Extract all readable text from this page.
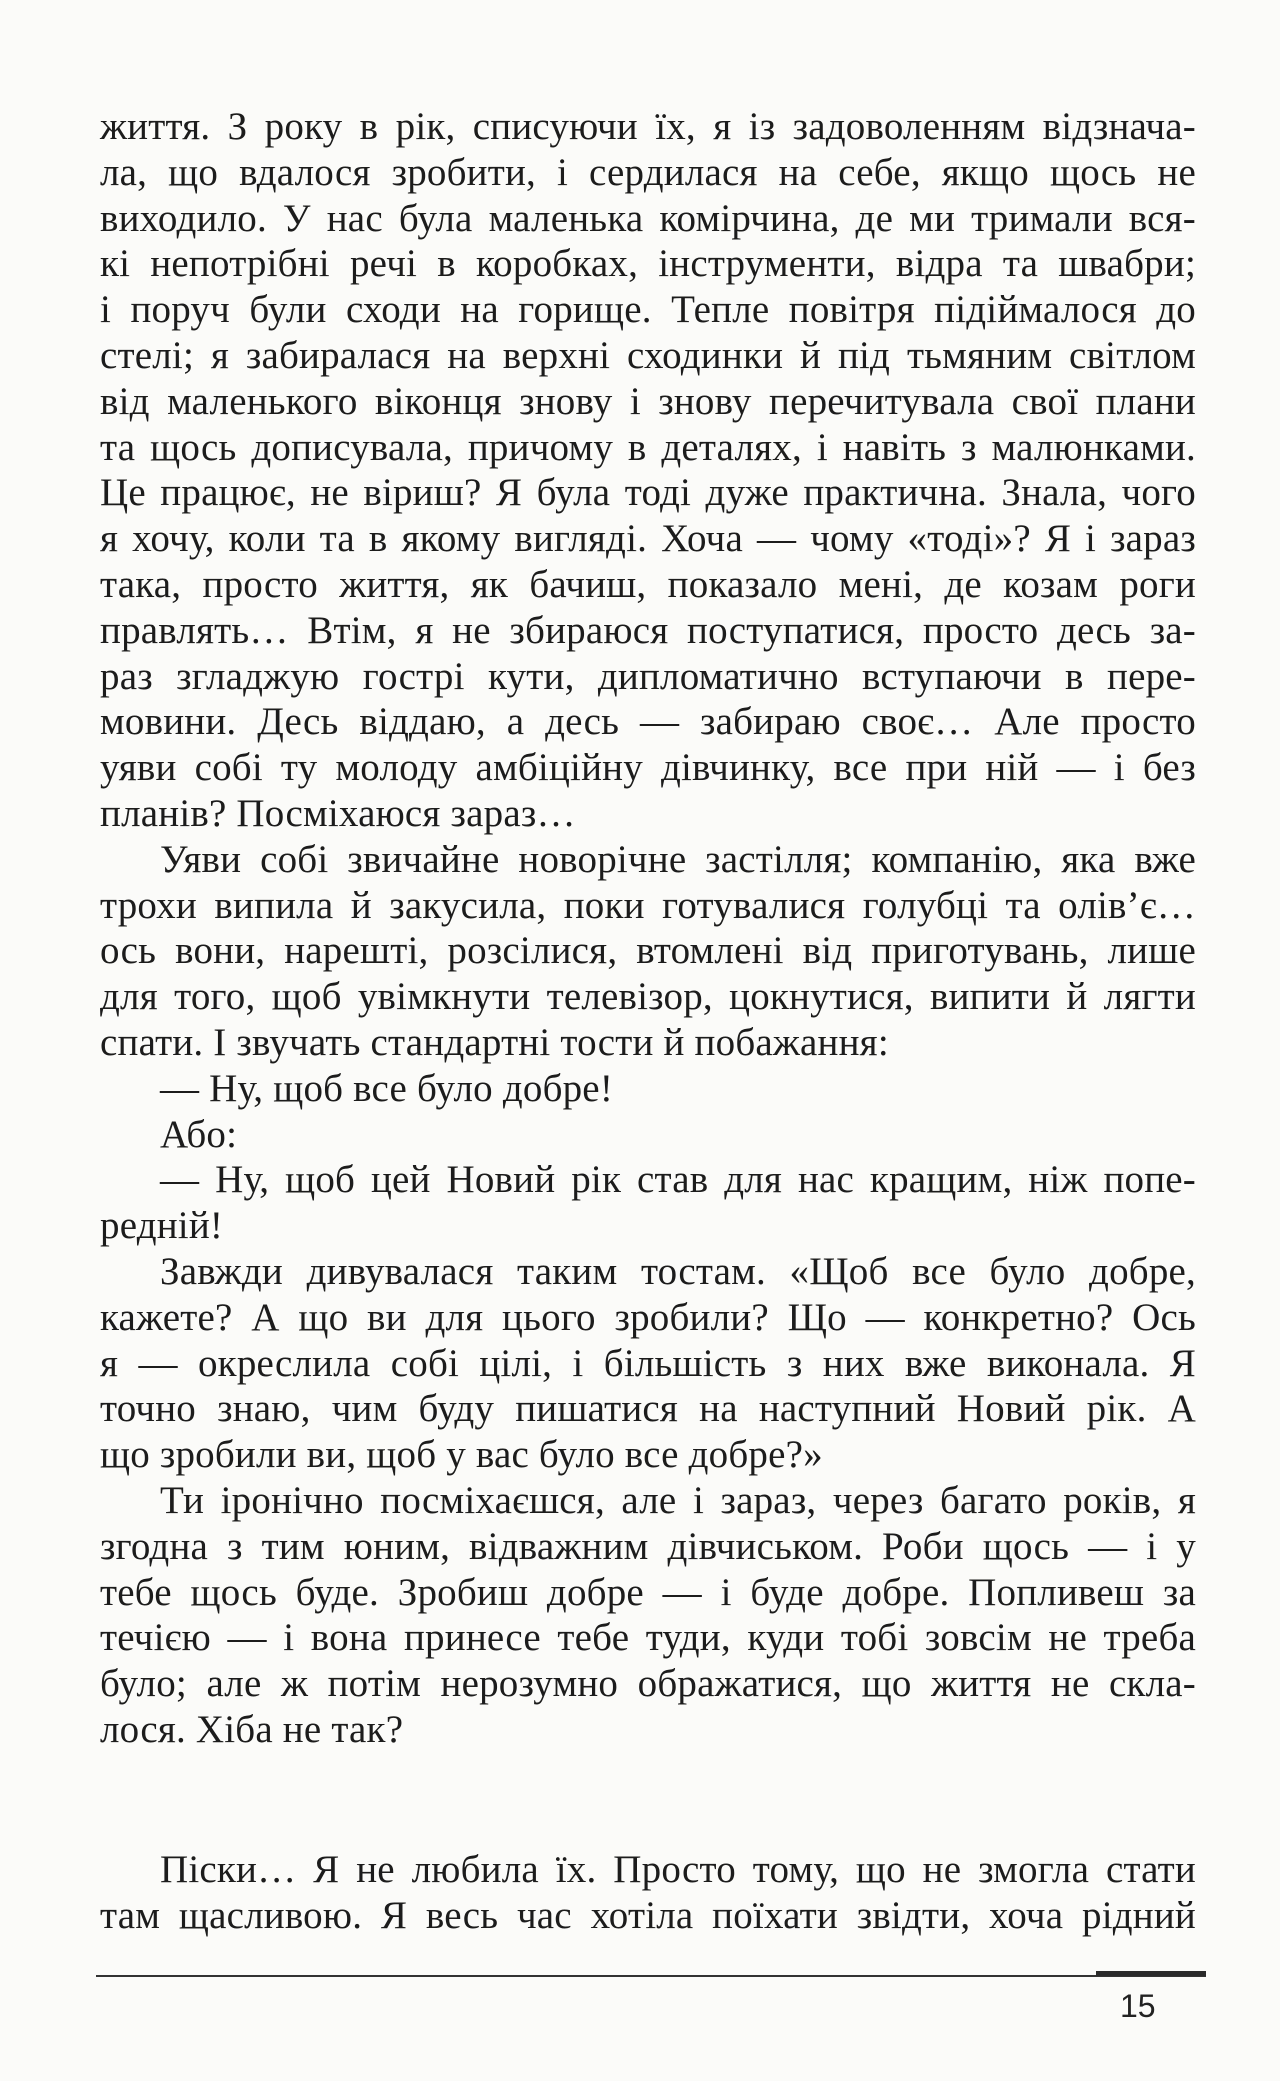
життя. З року в рік, списуючи їх, я із задоволенням відзнача-
ла, що вдалося зробити, і сердилася на себе, якщо щось не
виходило. У нас була маленька комірчина, де ми тримали вся-
кі непотрібні речі в коробках, інструменти, відра та швабри;
і поруч були сходи на горище. Тепле повітря підіймалося до
стелі; я забиралася на верхні сходинки й під тьмяним світлом
від маленького віконця знову і знову перечитувала свої плани
та щось дописувала, причому в деталях, і навіть з малюнками.
Це працює, не віриш? Я була тоді дуже практична. Знала, чого
я хочу, коли та в якому вигляді. Хоча — чому «тоді»? Я і зараз
така, просто життя, як бачиш, показало мені, де козам роги
правлять… Втім, я не збираюся поступатися, просто десь за-
раз згладжую гострі кути, дипломатично вступаючи в пере-
мовини. Десь віддаю, а десь — забираю своє… Але просто
уяви собі ту молоду амбіційну дівчинку, все при ній — і без
планів? Посміхаюся зараз…
Уяви собі звичайне новорічне застілля; компанію, яка вже
трохи випила й закусила, поки готувалися голубці та олів’є…
ось вони, нарешті, розсілися, втомлені від приготувань, лише
для того, щоб увімкнути телевізор, цокнутися, випити й лягти
спати. І звучать стандартні тости й побажання:
— Ну, щоб все було добре!
Або:
— Ну, щоб цей Новий рік став для нас кращим, ніж попе-
редній!
Завжди дивувалася таким тостам. «Щоб все було добре,
кажете? А що ви для цього зробили? Що — конкретно? Ось
я — окреслила собі цілі, і більшість з них вже виконала. Я
точно знаю, чим буду пишатися на наступний Новий рік. А
що зробили ви, щоб у вас було все добре?»
Ти іронічно посміхаєшся, але і зараз, через багато років, я
згодна з тим юним, відважним дівчиськом. Роби щось — і у
тебе щось буде. Зробиш добре — і буде добре. Попливеш за
течією — і вона принесе тебе туди, куди тобі зовсім не треба
було; але ж потім нерозумно ображатися, що життя не скла-
лося. Хіба не так?
Піски… Я не любила їх. Просто тому, що не змогла стати
там щасливою. Я весь час хотіла поїхати звідти, хоча рідний
15
